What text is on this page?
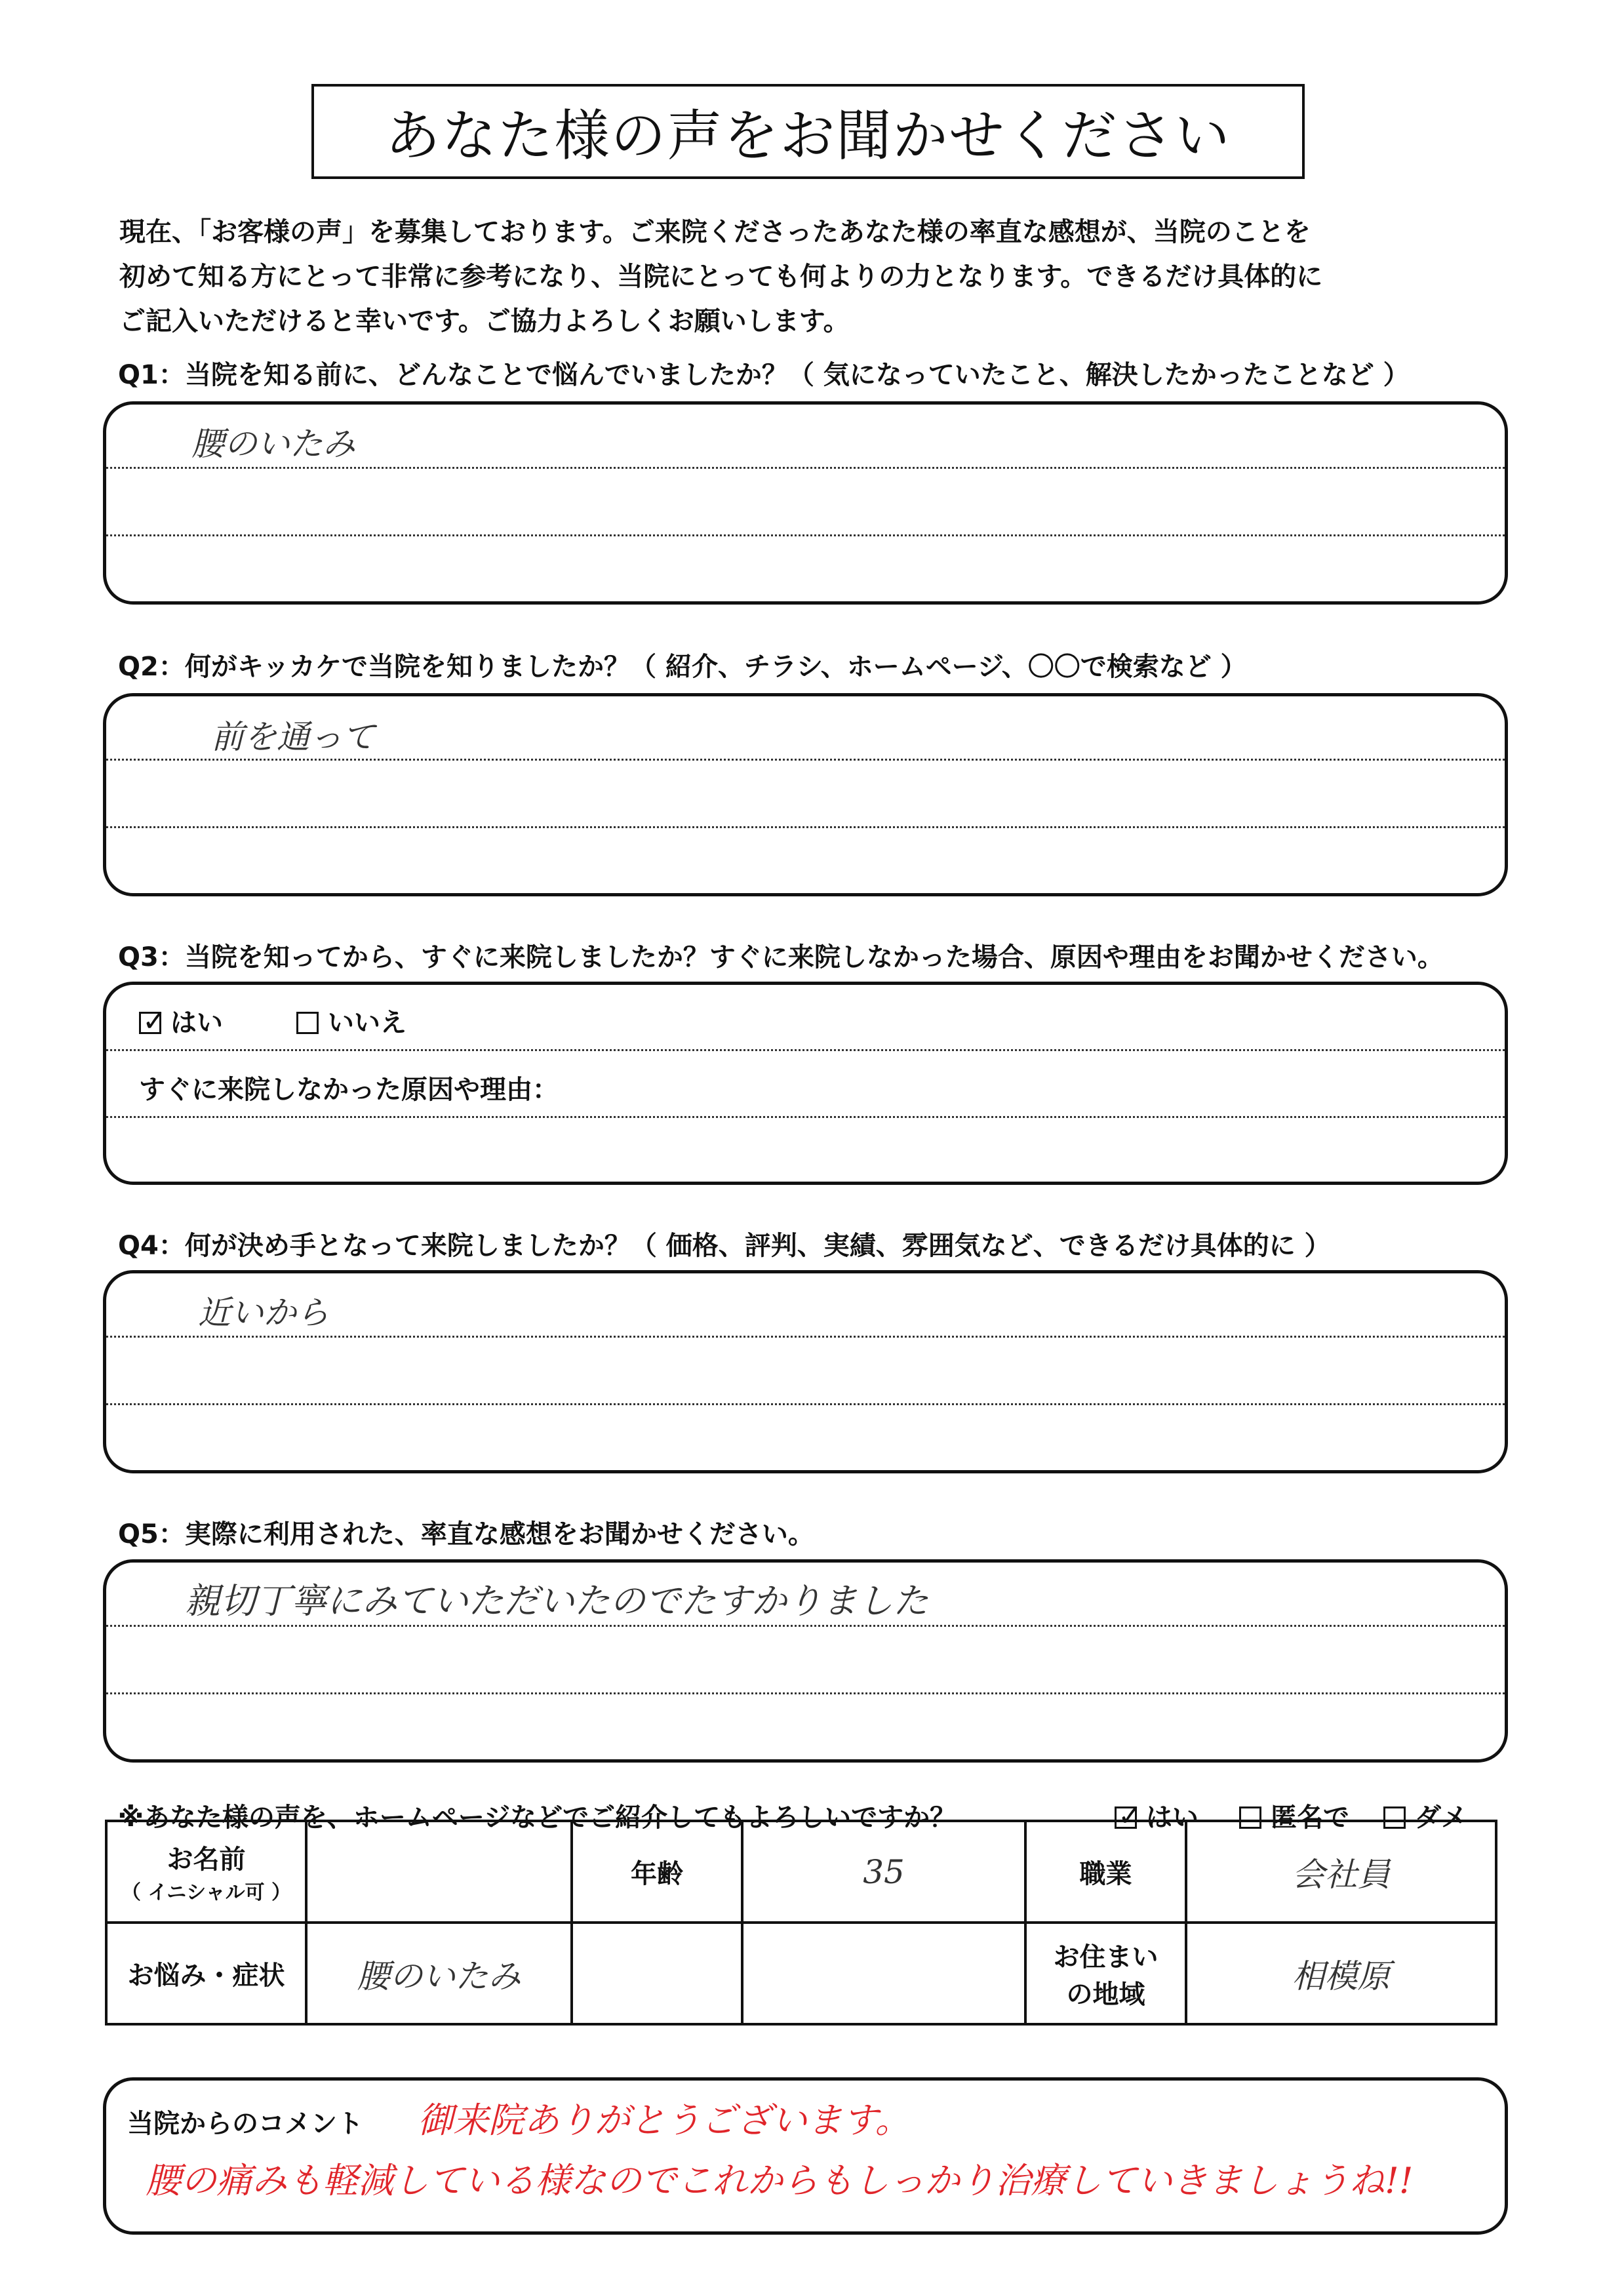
あなた様の声をお聞かせください
現在、「お客様の声」を募集しております。ご来院くださったあなた様の率直な感想が、当院のことを
初めて知る方にとって非常に参考になり、当院にとっても何よりの力となります。できるだけ具体的に
ご記入いただけると幸いです。ご協力よろしくお願いします。
Q1：当院を知る前に、どんなことで悩んでいましたか？（ 気になっていたこと、解決したかったことなど ）
腰のいたみ
Q2：何がキッカケで当院を知りましたか？（ 紹介、チラシ、ホームページ、〇〇で検索など ）
前を通って
Q3：当院を知ってから、すぐに来院しましたか？すぐに来院しなかった場合、原因や理由をお聞かせください。
✓はい	いいえ
すぐに来院しなかった原因や理由：
Q4：何が決め手となって来院しましたか？（ 価格、評判、実績、雰囲気など、できるだけ具体的に ）
近いから
Q5：実際に利用された、率直な感想をお聞かせください。
親切丁寧にみていただいたのでたすかりました
※あなた様の声を、ホームページなどでご紹介してもよろしいですか？ ✓	はい	匿名で	ダメ
お名前
（ イニシャル可 ）		年齢	35	職業	会社員
お悩み・症状	腰のいたみ			お住まい
の地域	相模原
当院からのコメント 御来院ありがとうございます。
腰の痛みも軽減している様なのでこれからもしっかり治療していきましょうね!!
